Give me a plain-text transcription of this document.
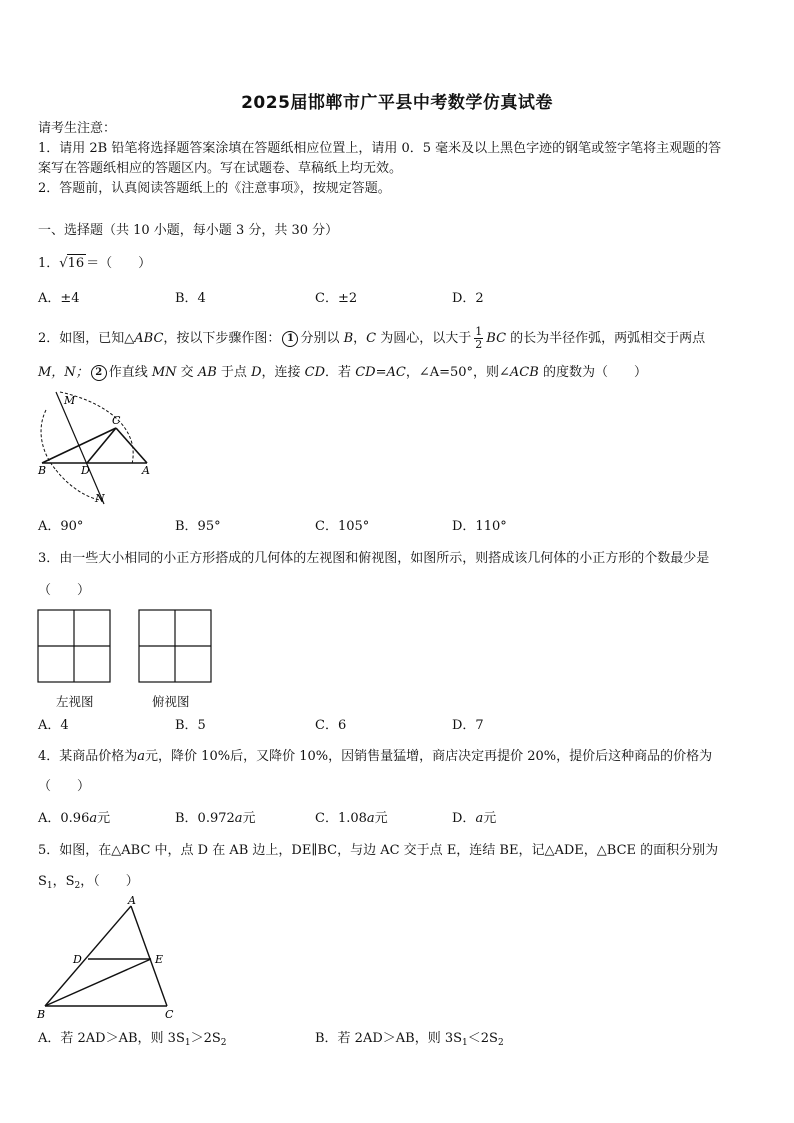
2025届邯郸市广平县中考数学仿真试卷
请考生注意：
1．请用 2B 铅笔将选择题答案涂填在答题纸相应位置上，请用 0．5 毫米及以上黑色字迹的钢笔或签字笔将主观题的答
案写在答题纸相应的答题区内。写在试题卷、草稿纸上均无效。
2．答题前，认真阅读答题纸上的《注意事项》，按规定答题。
一、选择题（共 10 小题，每小题 3 分，共 30 分）
1．√16 ＝（　　）
A．±4	B．4	C．±2	D．2
2．如图，已知△ABC，按以下步骤作图： 1 分别以 B，C 为圆心，以大于 $\frac{1}{2}$ BC 的长为半径作弧，两弧相交于两点
M，N； 2 作直线 MN 交 AB 于点 D，连接 CD．若 CD=AC，∠A=50°，则∠ACB 的度数为（　　）
M
C
B	D	A
N
A．90°	B．95°	C．105°	D．110°
3．由一些大小相同的小正方形搭成的几何体的左视图和俯视图，如图所示，则搭成该几何体的小正方形的个数最少是
（　　）
左视图	俯视图
A．4	B．5	C．6	D．7
4．某商品价格为a元，降价 10%后，又降价 10%，因销售量猛增，商店决定再提价 20%，提价后这种商品的价格为
（　　）
A．0.96a元	B．0.972a元	C．1.08a元	D．a元
5．如图，在△ABC 中，点 D 在 AB 边上，DE∥BC，与边 AC 交于点 E，连结 BE，记△ADE，△BCE 的面积分别为
$S_1$，$S_2$，（　　）
A
D	E
B	C
A．若 2AD＞AB，则 $3S_1>2S_2$	B．若 2AD＞AB，则 $3S_1<2S_2$
